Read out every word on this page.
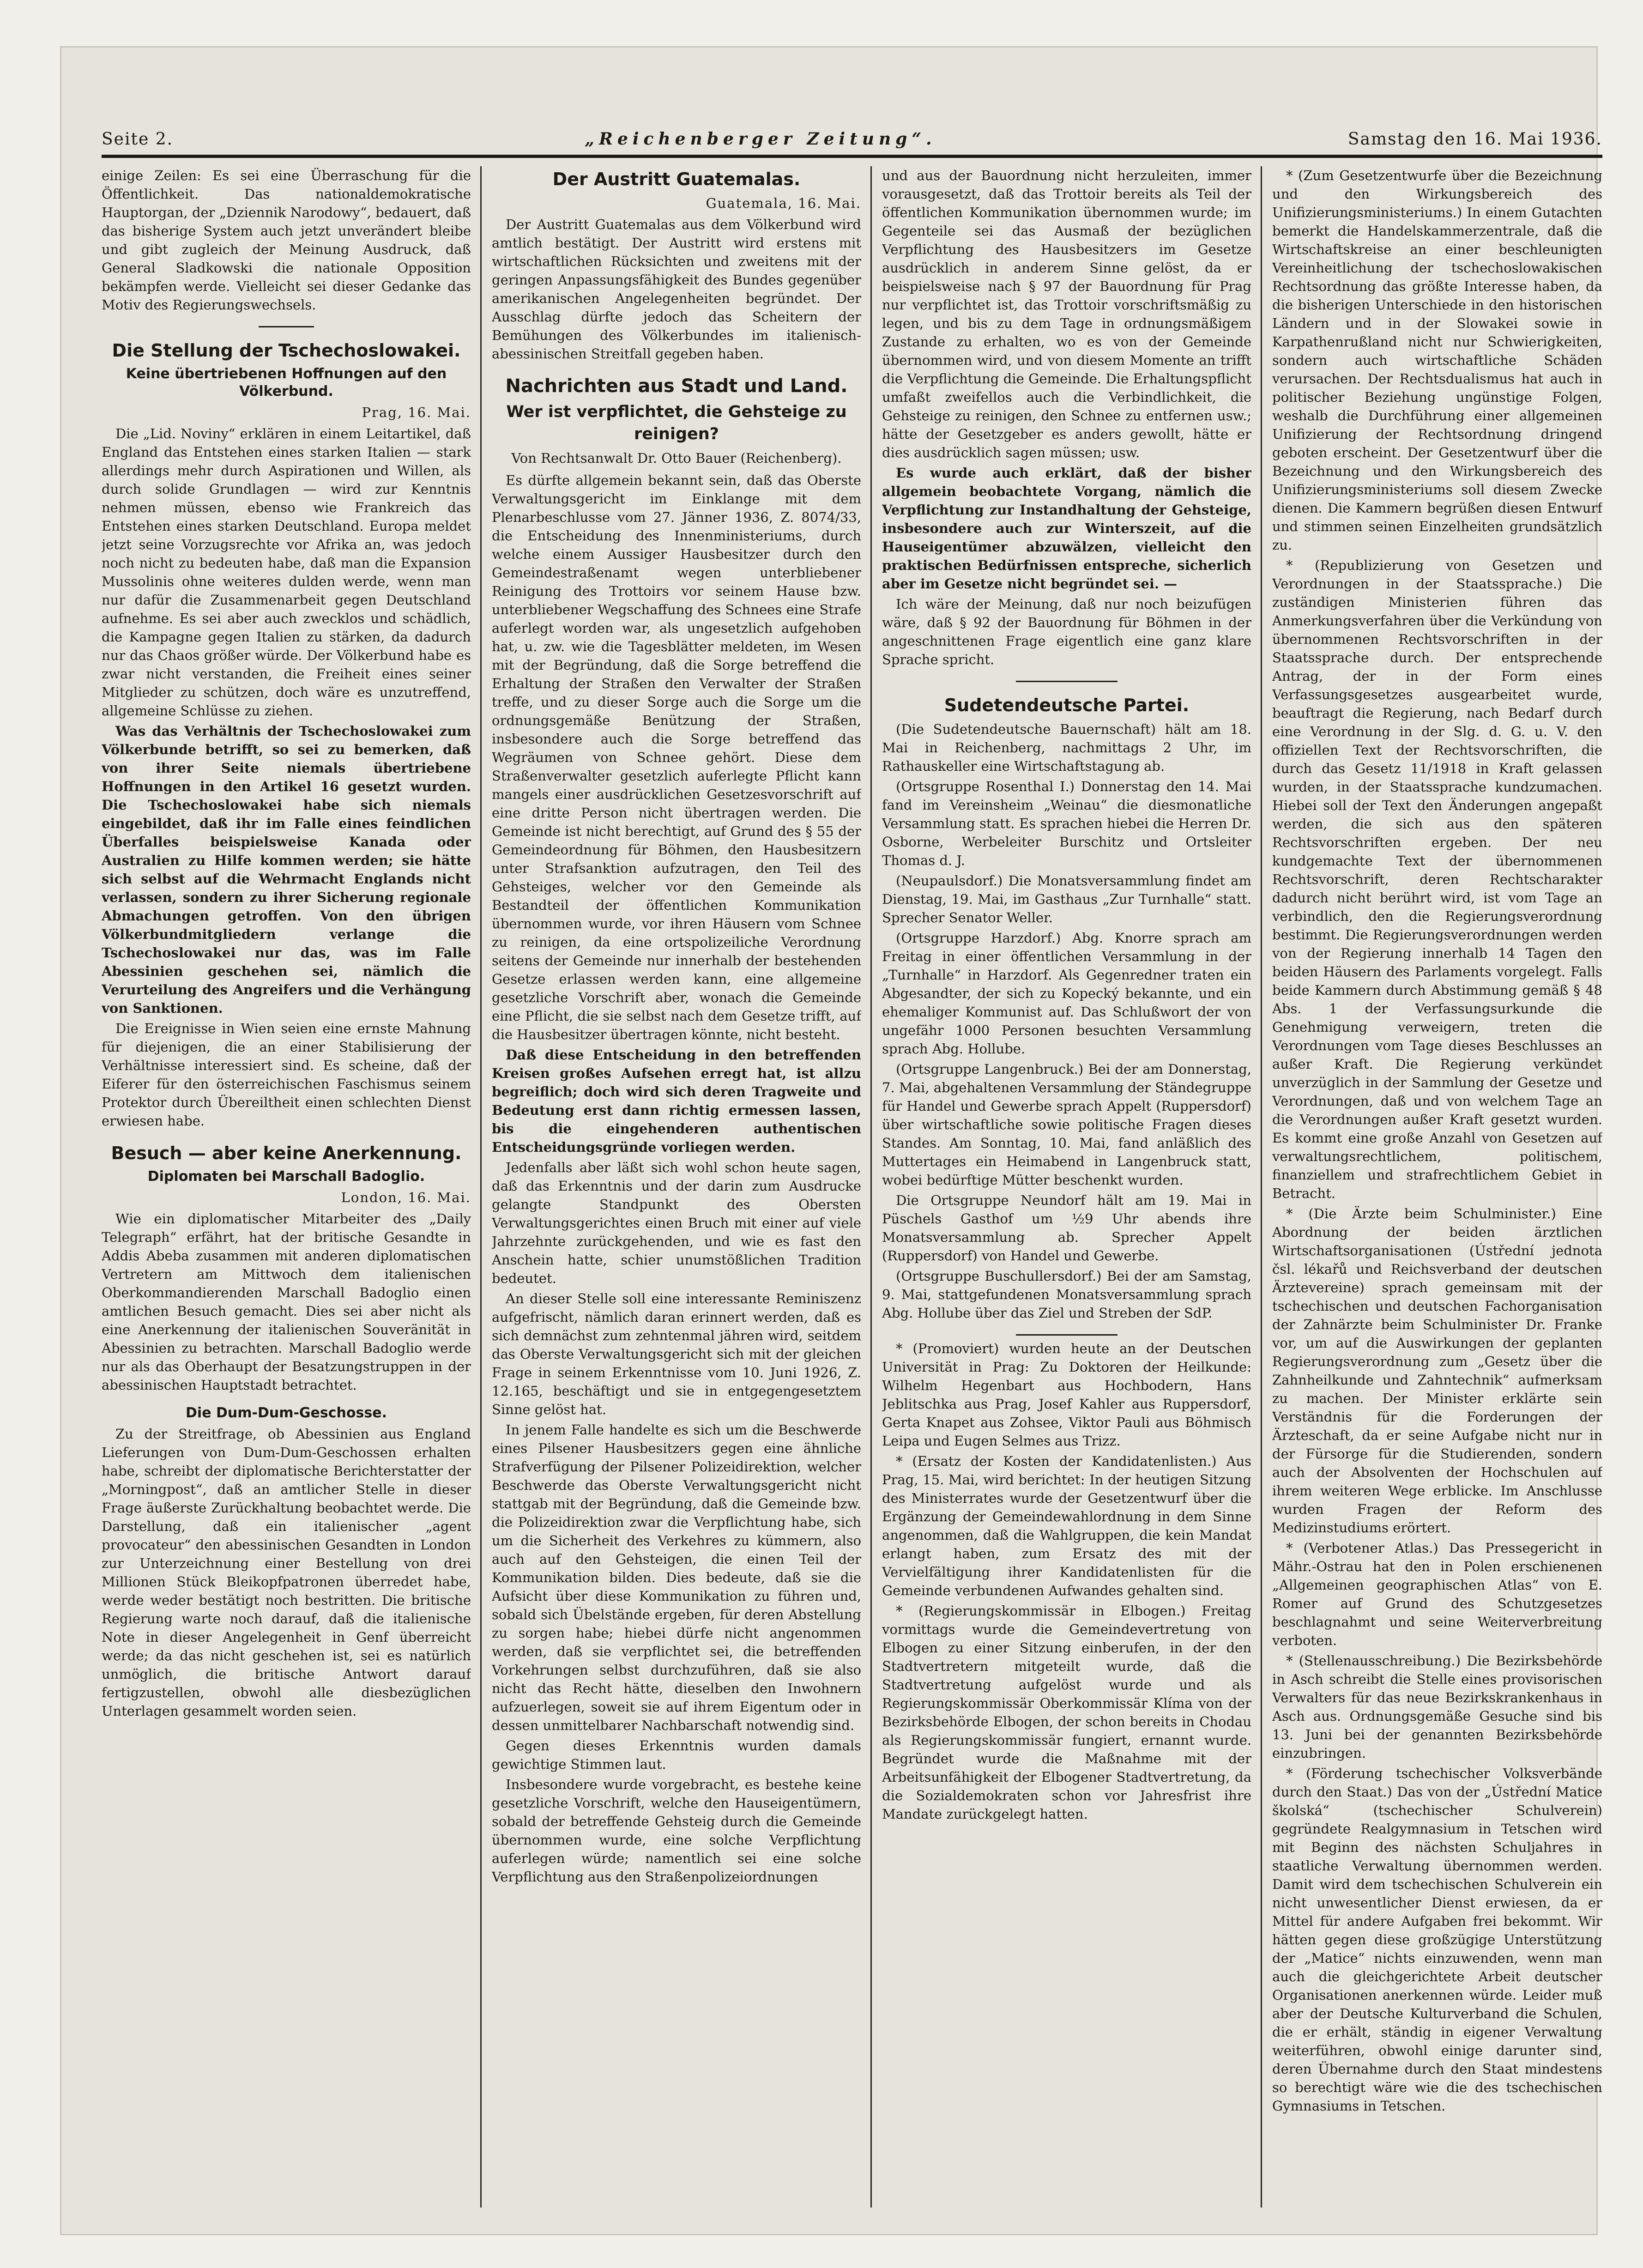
Seite 2.	„Reichenberger Zeitung“.	Samstag den 16. Mai 1936.

einige Zeilen: Es sei eine Überraschung für die Öffentlichkeit. Das nationaldemokratische Hauptorgan, der „Dziennik Narodowy“, bedauert, daß das bisherige System auch jetzt unverändert bleibe und gibt zugleich der Meinung Ausdruck, daß General Sladkowski die nationale Opposition bekämpfen werde. Vielleicht sei dieser Gedanke das Motiv des Regierungswechsels.

Die Stellung der Tschechoslowakei.
Keine übertriebenen Hoffnungen auf den Völkerbund.
Prag, 16. Mai.

Die „Lid. Noviny“ erklären in einem Leitartikel, daß England das Entstehen eines starken Italien — stark allerdings mehr durch Aspirationen und Willen, als durch solide Grundlagen — wird zur Kenntnis nehmen müssen, ebenso wie Frankreich das Entstehen eines starken Deutschland. Europa meldet jetzt seine Vorzugsrechte vor Afrika an, was jedoch noch nicht zu bedeuten habe, daß man die Expansion Mussolinis ohne weiteres dulden werde, wenn man nur dafür die Zusammenarbeit gegen Deutschland aufnehme. Es sei aber auch zwecklos und schädlich, die Kampagne gegen Italien zu stärken, da dadurch nur das Chaos größer würde. Der Völkerbund habe es zwar nicht verstanden, die Freiheit eines seiner Mitglieder zu schützen, doch wäre es unzutreffend, allgemeine Schlüsse zu ziehen.

Was das Verhältnis der Tschechoslowakei zum Völkerbunde betrifft, so sei zu bemerken, daß von ihrer Seite niemals übertriebene Hoffnungen in den Artikel 16 gesetzt wurden. Die Tschechoslowakei habe sich niemals eingebildet, daß ihr im Falle eines feindlichen Überfalles beispielsweise Kanada oder Australien zu Hilfe kommen werden; sie hätte sich selbst auf die Wehrmacht Englands nicht verlassen, sondern zu ihrer Sicherung regionale Abmachungen getroffen. Von den übrigen Völkerbundmitgliedern verlange die Tschechoslowakei nur das, was im Falle Abessinien geschehen sei, nämlich die Verurteilung des Angreifers und die Verhängung von Sanktionen.

Die Ereignisse in Wien seien eine ernste Mahnung für diejenigen, die an einer Stabilisierung der Verhältnisse interessiert sind. Es scheine, daß der Eiferer für den österreichischen Faschismus seinem Protektor durch Übereiltheit einen schlechten Dienst erwiesen habe.

Besuch — aber keine Anerkennung.
Diplomaten bei Marschall Badoglio.
London, 16. Mai.

Wie ein diplomatischer Mitarbeiter des „Daily Telegraph“ erfährt, hat der britische Gesandte in Addis Abeba zusammen mit anderen diplomatischen Vertretern am Mittwoch dem italienischen Oberkommandierenden Marschall Badoglio einen amtlichen Besuch gemacht. Dies sei aber nicht als eine Anerkennung der italienischen Souveränität in Abessinien zu betrachten. Marschall Badoglio werde nur als das Oberhaupt der Besatzungstruppen in der abessinischen Hauptstadt betrachtet.

Die Dum-Dum-Geschosse.

Zu der Streitfrage, ob Abessinien aus England Lieferungen von Dum-Dum-Geschossen erhalten habe, schreibt der diplomatische Berichterstatter der „Morningpost“, daß an amtlicher Stelle in dieser Frage äußerste Zurückhaltung beobachtet werde. Die Darstellung, daß ein italienischer „agent provocateur“ den abessinischen Gesandten in London zur Unterzeichnung einer Bestellung von drei Millionen Stück Bleikopfpatronen überredet habe, werde weder bestätigt noch bestritten. Die britische Regierung warte noch darauf, daß die italienische Note in dieser Angelegenheit in Genf überreicht werde; da das nicht geschehen ist, sei es natürlich unmöglich, die britische Antwort darauf fertigzustellen, obwohl alle diesbezüglichen Unterlagen gesammelt worden seien.

Der Austritt Guatemalas.
Guatemala, 16. Mai.

Der Austritt Guatemalas aus dem Völkerbund wird amtlich bestätigt. Der Austritt wird erstens mit wirtschaftlichen Rücksichten und zweitens mit der geringen Anpassungsfähigkeit des Bundes gegenüber amerikanischen Angelegenheiten begründet. Der Ausschlag dürfte jedoch das Scheitern der Bemühungen des Völkerbundes im italienisch-abessinischen Streitfall gegeben haben.

Nachrichten aus Stadt und Land.
Wer ist verpflichtet, die Gehsteige zu reinigen?
Von Rechtsanwalt Dr. Otto Bauer (Reichenberg).

Es dürfte allgemein bekannt sein, daß das Oberste Verwaltungsgericht im Einklange mit dem Plenarbeschlusse vom 27. Jänner 1936, Z. 8074/33, die Entscheidung des Innenministeriums, durch welche einem Aussiger Hausbesitzer durch den Gemeindestraßenamt wegen unterbliebener Reinigung des Trottoirs vor seinem Hause bzw. unterbliebener Wegschaffung des Schnees eine Strafe auferlegt worden war, als ungesetzlich aufgehoben hat, u. zw. wie die Tagesblätter meldeten, im Wesen mit der Begründung, daß die Sorge betreffend die Erhaltung der Straßen den Verwalter der Straßen treffe, und zu dieser Sorge auch die Sorge um die ordnungsgemäße Benützung der Straßen, insbesondere auch die Sorge betreffend das Wegräumen von Schnee gehört. Diese dem Straßenverwalter gesetzlich auferlegte Pflicht kann mangels einer ausdrücklichen Gesetzesvorschrift auf eine dritte Person nicht übertragen werden. Die Gemeinde ist nicht berechtigt, auf Grund des § 55 der Gemeindeordnung für Böhmen, den Hausbesitzern unter Strafsanktion aufzutragen, den Teil des Gehsteiges, welcher vor den Gemeinde als Bestandteil der öffentlichen Kommunikation übernommen wurde, vor ihren Häusern vom Schnee zu reinigen, da eine ortspolizeiliche Verordnung seitens der Gemeinde nur innerhalb der bestehenden Gesetze erlassen werden kann, eine allgemeine gesetzliche Vorschrift aber, wonach die Gemeinde eine Pflicht, die sie selbst nach dem Gesetze trifft, auf die Hausbesitzer übertragen könnte, nicht besteht.

Daß diese Entscheidung in den betreffenden Kreisen großes Aufsehen erregt hat, ist allzu begreiflich; doch wird sich deren Tragweite und Bedeutung erst dann richtig ermessen lassen, bis die eingehenderen authentischen Entscheidungsgründe vorliegen werden.

Jedenfalls aber läßt sich wohl schon heute sagen, daß das Erkenntnis und der darin zum Ausdrucke gelangte Standpunkt des Obersten Verwaltungsgerichtes einen Bruch mit einer auf viele Jahrzehnte zurückgehenden, und wie es fast den Anschein hatte, schier unumstößlichen Tradition bedeutet.

An dieser Stelle soll eine interessante Reminiszenz aufgefrischt, nämlich daran erinnert werden, daß es sich demnächst zum zehntenmal jähren wird, seitdem das Oberste Verwaltungsgericht sich mit der gleichen Frage in seinem Erkenntnisse vom 10. Juni 1926, Z. 12.165, beschäftigt und sie in entgegengesetztem Sinne gelöst hat.

In jenem Falle handelte es sich um die Beschwerde eines Pilsener Hausbesitzers gegen eine ähnliche Strafverfügung der Pilsener Polizeidirektion, welcher Beschwerde das Oberste Verwaltungsgericht nicht stattgab mit der Begründung, daß die Gemeinde bzw. die Polizeidirektion zwar die Verpflichtung habe, sich um die Sicherheit des Verkehres zu kümmern, also auch auf den Gehsteigen, die einen Teil der Kommunikation bilden. Dies bedeute, daß sie die Aufsicht über diese Kommunikation zu führen und, sobald sich Übelstände ergeben, für deren Abstellung zu sorgen habe; hiebei dürfe nicht angenommen werden, daß sie verpflichtet sei, die betreffenden Vorkehrungen selbst durchzuführen, daß sie also nicht das Recht hätte, dieselben den Inwohnern aufzuerlegen, soweit sie auf ihrem Eigentum oder in dessen unmittelbarer Nachbarschaft notwendig sind.

Gegen dieses Erkenntnis wurden damals gewichtige Stimmen laut.

Insbesondere wurde vorgebracht, es bestehe keine gesetzliche Vorschrift, welche den Hauseigentümern, sobald der betreffende Gehsteig durch die Gemeinde übernommen wurde, eine solche Verpflichtung auferlegen würde; namentlich sei eine solche Verpflichtung aus den Straßenpolizeiordnungen

und aus der Bauordnung nicht herzuleiten, immer vorausgesetzt, daß das Trottoir bereits als Teil der öffentlichen Kommunikation übernommen wurde; im Gegenteile sei das Ausmaß der bezüglichen Verpflichtung des Hausbesitzers im Gesetze ausdrücklich in anderem Sinne gelöst, da er beispielsweise nach § 97 der Bauordnung für Prag nur verpflichtet ist, das Trottoir vorschriftsmäßig zu legen, und bis zu dem Tage in ordnungsmäßigem Zustande zu erhalten, wo es von der Gemeinde übernommen wird, und von diesem Momente an trifft die Verpflichtung die Gemeinde. Die Erhaltungspflicht umfaßt zweifellos auch die Verbindlichkeit, die Gehsteige zu reinigen, den Schnee zu entfernen usw.; hätte der Gesetzgeber es anders gewollt, hätte er dies ausdrücklich sagen müssen; usw.

Es wurde auch erklärt, daß der bisher allgemein beobachtete Vorgang, nämlich die Verpflichtung zur Instandhaltung der Gehsteige, insbesondere auch zur Winterszeit, auf die Hauseigentümer abzuwälzen, vielleicht den praktischen Bedürfnissen entspreche, sicherlich aber im Gesetze nicht begründet sei. —

Ich wäre der Meinung, daß nur noch beizufügen wäre, daß § 92 der Bauordnung für Böhmen in der angeschnittenen Frage eigentlich eine ganz klare Sprache spricht.

Sudetendeutsche Partei.

(Die Sudetendeutsche Bauernschaft) hält am 18. Mai in Reichenberg, nachmittags 2 Uhr, im Rathauskeller eine Wirtschaftstagung ab.

(Ortsgruppe Rosenthal I.) Donnerstag den 14. Mai fand im Vereinsheim „Weinau“ die diesmonatliche Versammlung statt. Es sprachen hiebei die Herren Dr. Osborne, Werbeleiter Burschitz und Ortsleiter Thomas d. J.

(Neupaulsdorf.) Die Monatsversammlung findet am Dienstag, 19. Mai, im Gasthaus „Zur Turnhalle“ statt. Sprecher Senator Weller.

(Ortsgruppe Harzdorf.) Abg. Knorre sprach am Freitag in einer öffentlichen Versammlung in der „Turnhalle“ in Harzdorf. Als Gegenredner traten ein Abgesandter, der sich zu Kopecký bekannte, und ein ehemaliger Kommunist auf. Das Schlußwort der von ungefähr 1000 Personen besuchten Versammlung sprach Abg. Hollube.

(Ortsgruppe Langenbruck.) Bei der am Donnerstag, 7. Mai, abgehaltenen Versammlung der Ständegruppe für Handel und Gewerbe sprach Appelt (Ruppersdorf) über wirtschaftliche sowie politische Fragen dieses Standes. Am Sonntag, 10. Mai, fand anläßlich des Muttertages ein Heimabend in Langenbruck statt, wobei bedürftige Mütter beschenkt wurden.

Die Ortsgruppe Neundorf hält am 19. Mai in Püschels Gasthof um ½9 Uhr abends ihre Monatsversammlung ab. Sprecher Appelt (Ruppersdorf) von Handel und Gewerbe.

(Ortsgruppe Buschullersdorf.) Bei der am Samstag, 9. Mai, stattgefundenen Monatsversammlung sprach Abg. Hollube über das Ziel und Streben der SdP.

* (Promoviert) wurden heute an der Deutschen Universität in Prag: Zu Doktoren der Heilkunde: Wilhelm Hegenbart aus Hochbodern, Hans Jeblitschka aus Prag, Josef Kahler aus Ruppersdorf, Gerta Knapet aus Zohsee, Viktor Pauli aus Böhmisch Leipa und Eugen Selmes aus Trizz.

* (Ersatz der Kosten der Kandidatenlisten.) Aus Prag, 15. Mai, wird berichtet: In der heutigen Sitzung des Ministerrates wurde der Gesetzentwurf über die Ergänzung der Gemeindewahlordnung in dem Sinne angenommen, daß die Wahlgruppen, die kein Mandat erlangt haben, zum Ersatz des mit der Vervielfältigung ihrer Kandidatenlisten für die Gemeinde verbundenen Aufwandes gehalten sind.

* (Regierungskommissär in Elbogen.) Freitag vormittags wurde die Gemeindevertretung von Elbogen zu einer Sitzung einberufen, in der den Stadtvertretern mitgeteilt wurde, daß die Stadtvertretung aufgelöst wurde und als Regierungskommissär Oberkommissär Klíma von der Bezirksbehörde Elbogen, der schon bereits in Chodau als Regierungskommissär fungiert, ernannt wurde. Begründet wurde die Maßnahme mit der Arbeitsunfähigkeit der Elbogener Stadtvertretung, da die Sozialdemokraten schon vor Jahresfrist ihre Mandate zurückgelegt hatten.

* (Zum Gesetzentwurfe über die Bezeichnung und den Wirkungsbereich des Unifizierungsministeriums.) In einem Gutachten bemerkt die Handelskammerzentrale, daß die Wirtschaftskreise an einer beschleunigten Vereinheitlichung der tschechoslowakischen Rechtsordnung das größte Interesse haben, da die bisherigen Unterschiede in den historischen Ländern und in der Slowakei sowie in Karpathenrußland nicht nur Schwierigkeiten, sondern auch wirtschaftliche Schäden verursachen. Der Rechtsdualismus hat auch in politischer Beziehung ungünstige Folgen, weshalb die Durchführung einer allgemeinen Unifizierung der Rechtsordnung dringend geboten erscheint. Der Gesetzentwurf über die Bezeichnung und den Wirkungsbereich des Unifizierungsministeriums soll diesem Zwecke dienen. Die Kammern begrüßen diesen Entwurf und stimmen seinen Einzelheiten grundsätzlich zu.

* (Republizierung von Gesetzen und Verordnungen in der Staatssprache.) Die zuständigen Ministerien führen das Anmerkungsverfahren über die Verkündung von übernommenen Rechtsvorschriften in der Staatssprache durch. Der entsprechende Antrag, der in der Form eines Verfassungsgesetzes ausgearbeitet wurde, beauftragt die Regierung, nach Bedarf durch eine Verordnung in der Slg. d. G. u. V. den offiziellen Text der Rechtsvorschriften, die durch das Gesetz 11/1918 in Kraft gelassen wurden, in der Staatssprache kundzumachen. Hiebei soll der Text den Änderungen angepaßt werden, die sich aus den späteren Rechtsvorschriften ergeben. Der neu kundgemachte Text der übernommenen Rechtsvorschrift, deren Rechtscharakter dadurch nicht berührt wird, ist vom Tage an verbindlich, den die Regierungsverordnung bestimmt. Die Regierungsverordnungen werden von der Regierung innerhalb 14 Tagen den beiden Häusern des Parlaments vorgelegt. Falls beide Kammern durch Abstimmung gemäß § 48 Abs. 1 der Verfassungsurkunde die Genehmigung verweigern, treten die Verordnungen vom Tage dieses Beschlusses an außer Kraft. Die Regierung verkündet unverzüglich in der Sammlung der Gesetze und Verordnungen, daß und von welchem Tage an die Verordnungen außer Kraft gesetzt wurden. Es kommt eine große Anzahl von Gesetzen auf verwaltungsrechtlichem, politischem, finanziellem und strafrechtlichem Gebiet in Betracht.

* (Die Ärzte beim Schulminister.) Eine Abordnung der beiden ärztlichen Wirtschaftsorganisationen (Ústřední jednota čsl. lékařů und Reichsverband der deutschen Ärztevereine) sprach gemeinsam mit der tschechischen und deutschen Fachorganisation der Zahnärzte beim Schulminister Dr. Franke vor, um auf die Auswirkungen der geplanten Regierungsverordnung zum „Gesetz über die Zahnheilkunde und Zahntechnik“ aufmerksam zu machen. Der Minister erklärte sein Verständnis für die Forderungen der Ärzteschaft, da er seine Aufgabe nicht nur in der Fürsorge für die Studierenden, sondern auch der Absolventen der Hochschulen auf ihrem weiteren Wege erblicke. Im Anschlusse wurden Fragen der Reform des Medizinstudiums erörtert.

* (Verbotener Atlas.) Das Pressegericht in Mähr.-Ostrau hat den in Polen erschienenen „Allgemeinen geographischen Atlas“ von E. Romer auf Grund des Schutzgesetzes beschlagnahmt und seine Weiterverbreitung verboten.

* (Stellenausschreibung.) Die Bezirksbehörde in Asch schreibt die Stelle eines provisorischen Verwalters für das neue Bezirkskrankenhaus in Asch aus. Ordnungsgemäße Gesuche sind bis 13. Juni bei der genannten Bezirksbehörde einzubringen.

* (Förderung tschechischer Volksverbände durch den Staat.) Das von der „Ústřední Matice školská“ (tschechischer Schulverein) gegründete Realgymnasium in Tetschen wird mit Beginn des nächsten Schuljahres in staatliche Verwaltung übernommen werden. Damit wird dem tschechischen Schulverein ein nicht unwesentlicher Dienst erwiesen, da er Mittel für andere Aufgaben frei bekommt. Wir hätten gegen diese großzügige Unterstützung der „Matice“ nichts einzuwenden, wenn man auch die gleichgerichtete Arbeit deutscher Organisationen anerkennen würde. Leider muß aber der Deutsche Kulturverband die Schulen, die er erhält, ständig in eigener Verwaltung weiterführen, obwohl einige darunter sind, deren Übernahme durch den Staat mindestens so berechtigt wäre wie die des tschechischen Gymnasiums in Tetschen.
